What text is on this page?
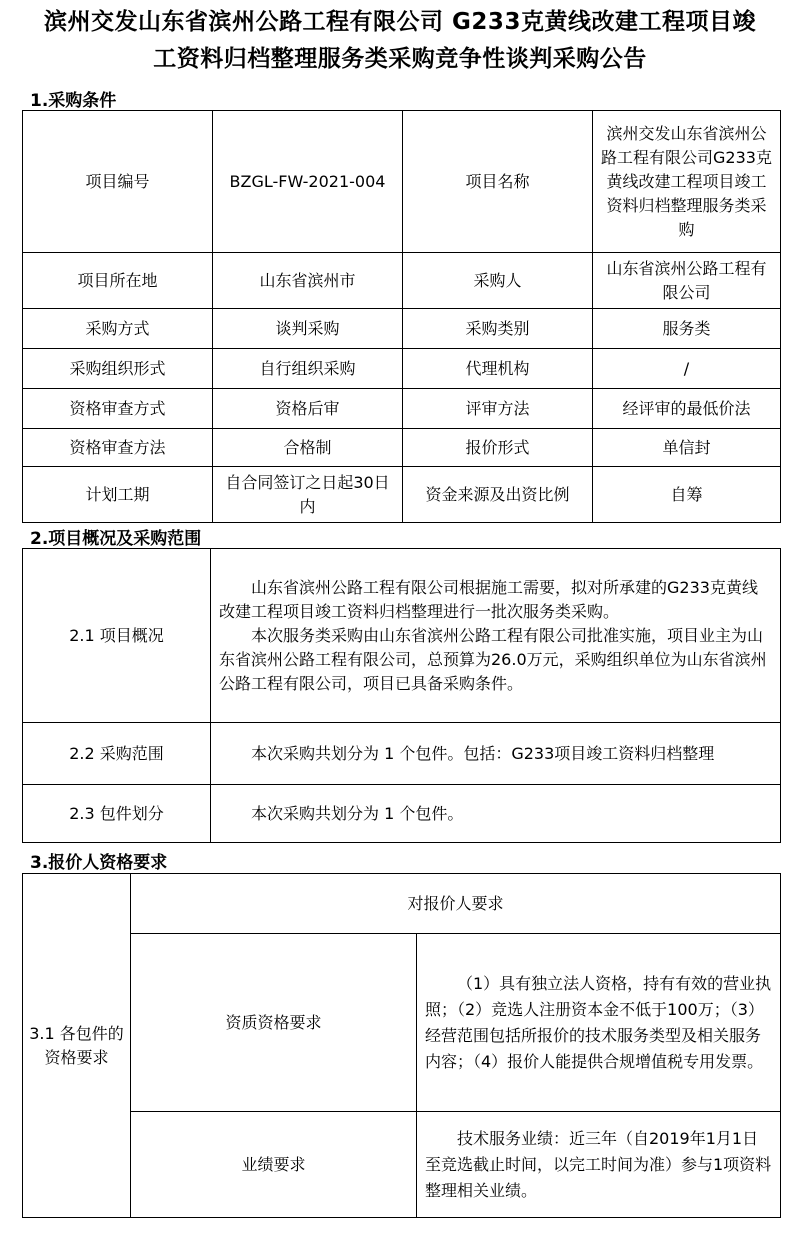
滨州交发山东省滨州公路工程有限公司 G233克黄线改建工程项目竣
工资料归档整理服务类采购竞争性谈判采购公告
1.采购条件
项目编号	BZGL-FW-2021-004	项目名称	滨州交发山东省滨州公路工程有限公司G233克黄线改建工程项目竣工资料归档整理服务类采购
项目所在地	山东省滨州市	采购人	山东省滨州公路工程有限公司
采购方式	谈判采购	采购类别	服务类
采购组织形式	自行组织采购	代理机构	/
资格审查方式	资格后审	评审方法	经评审的最低价法
资格审查方法	合格制	报价形式	单信封
计划工期	自合同签订之日起30日内	资金来源及出资比例	自筹
2.项目概况及采购范围
2.1 项目概况	山东省滨州公路工程有限公司根据施工需要，拟对所承建的G233克黄线改建工程项目竣工资料归档整理进行一批次服务类采购。
本次服务类采购由山东省滨州公路工程有限公司批准实施，项目业主为山东省滨州公路工程有限公司，总预算为26.0万元，采购组织单位为山东省滨州公路工程有限公司，项目已具备采购条件。

2.2 采购范围	本次采购共划分为 1 个包件。包括：G233项目竣工资料归档整理

2.3 包件划分	本次采购共划分为 1 个包件。
3.报价人资格要求
3.1 各包件的资格要求	对报价人要求	
	资质资格要求	（1）具有独立法人资格，持有有效的营业执照；（2）竞选人注册资本金不低于100万；（3）经营范围包括所报价的技术服务类型及相关服务内容；（4）报价人能提供合规增值税专用发票。

	业绩要求	技术服务业绩：近三年（自2019年1月1日至竞选截止时间，以完工时间为准）参与1项资料整理相关业绩。
